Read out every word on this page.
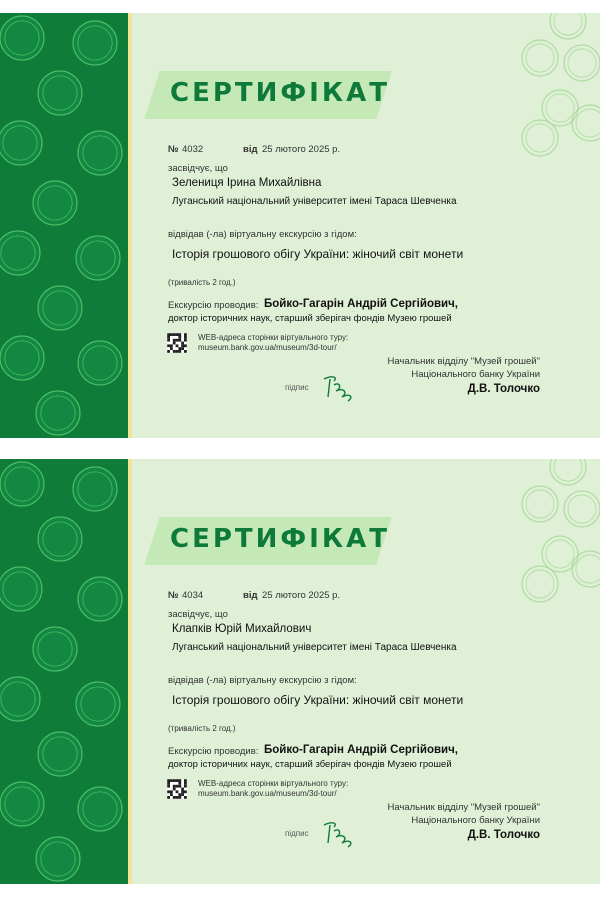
СЕРТИФІКАТ
№ 4032	від 25 лютого 2025 р.
засвідчує, що
Зелениця Ірина Михайлівна
Луганський національний університет імені Тараса Шевченка
відвідав (-ла) віртуальну екскурсію з гідом:
Історія грошового обігу України: жіночий світ монети
(тривалість 2 год.)
Екскурсію проводив: Бойко-Гагарін Андрій Сергійович,
доктор історичних наук, старший зберігач фондів Музею грошей
WEB-адреса сторінки віртуального туру:
museum.bank.gov.ua/museum/3d-tour/
Начальник відділу "Музей грошей"
Національного банку України
підпис	Д.В. Толочко
СЕРТИФІКАТ
№ 4034	від 25 лютого 2025 р.
засвідчує, що
Клапків Юрій Михайлович
Луганський національний університет імені Тараса Шевченка
відвідав (-ла) віртуальну екскурсію з гідом:
Історія грошового обігу України: жіночий світ монети
(тривалість 2 год.)
Екскурсію проводив: Бойко-Гагарін Андрій Сергійович,
доктор історичних наук, старший зберігач фондів Музею грошей
WEB-адреса сторінки віртуального туру:
museum.bank.gov.ua/museum/3d-tour/
Начальник відділу "Музей грошей"
Національного банку України
підпис	Д.В. Толочко
